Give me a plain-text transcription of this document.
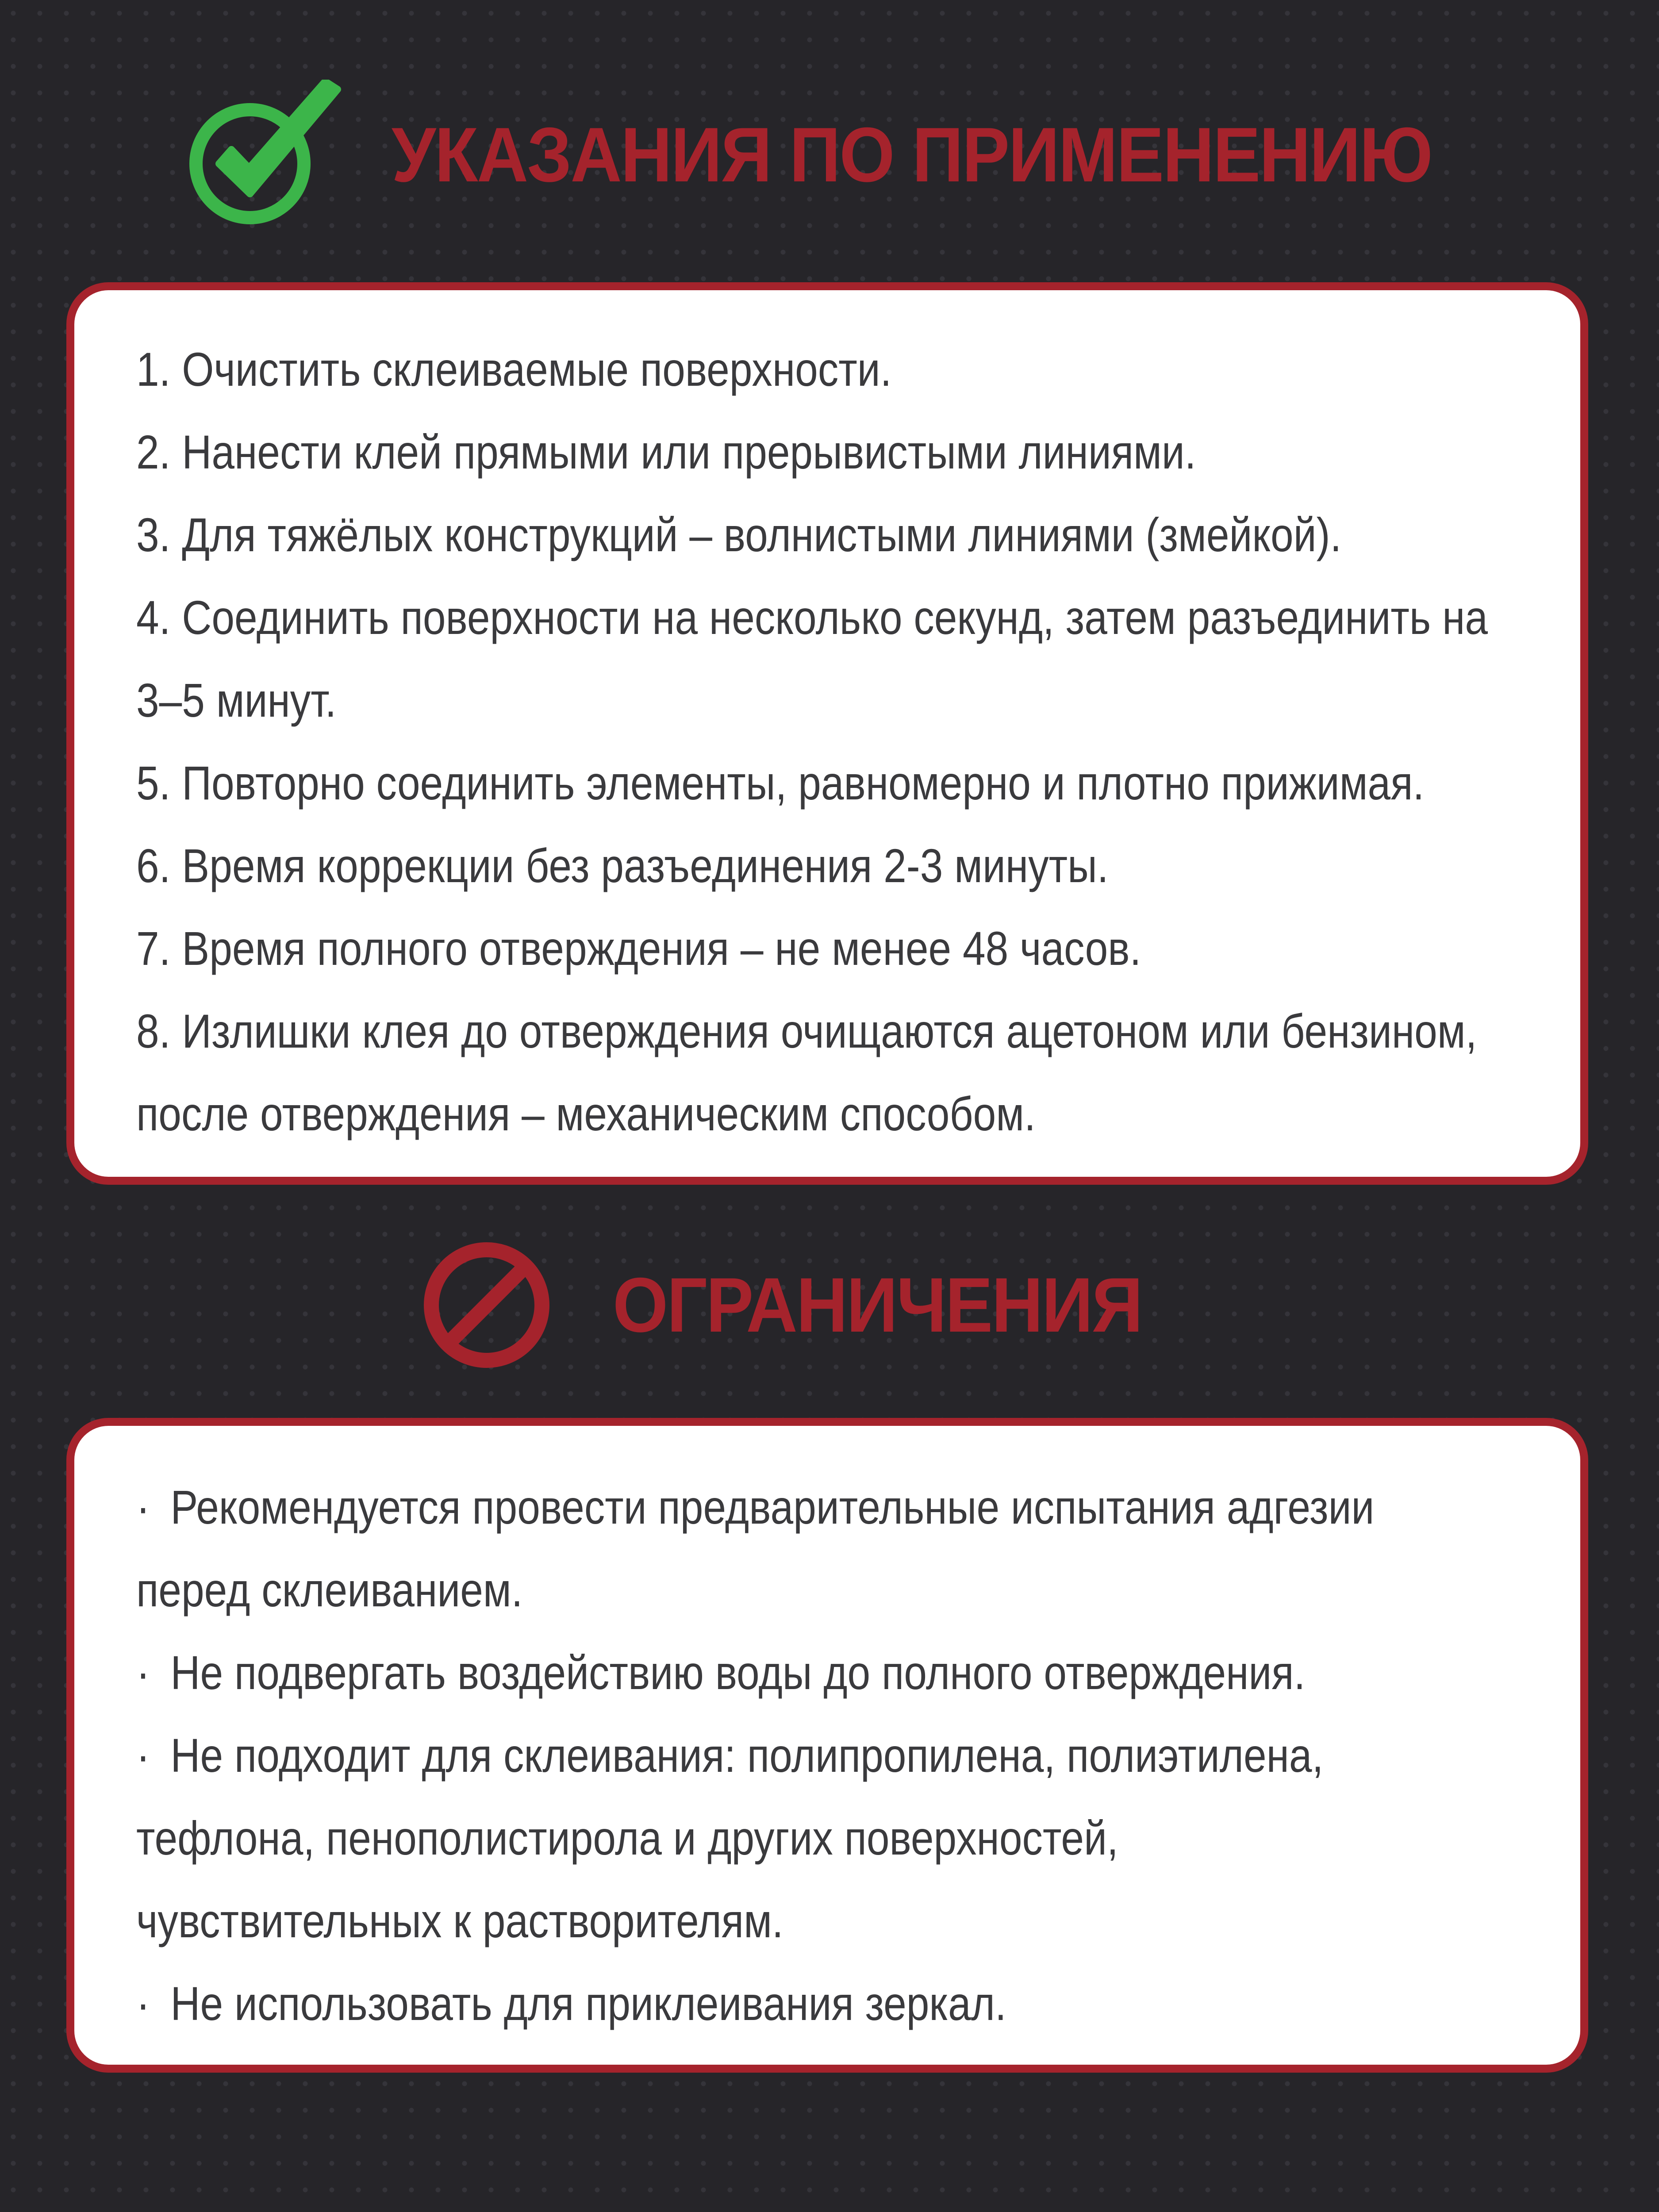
УКАЗАНИЯ ПО ПРИМЕНЕНИЮ
1. Очистить склеиваемые поверхности.
2. Нанести клей прямыми или прерывистыми линиями.
3. Для тяжёлых конструкций – волнистыми линиями (змейкой).
4. Соединить поверхности на несколько секунд, затем разъединить на
3–5 минут.
5. Повторно соединить элементы, равномерно и плотно прижимая.
6. Время коррекции без разъединения 2-3 минуты.
7. Время полного отверждения – не менее 48 часов.
8. Излишки клея до отверждения очищаются ацетоном или бензином,
после отверждения – механическим способом.
ОГРАНИЧЕНИЯ
· Рекомендуется провести предварительные испытания адгезии
перед склеиванием.
· Не подвергать воздействию воды до полного отверждения.
· Не подходит для склеивания: полипропилена, полиэтилена,
тефлона, пенополистирола и других поверхностей,
чувствительных к растворителям.
· Не использовать для приклеивания зеркал.
